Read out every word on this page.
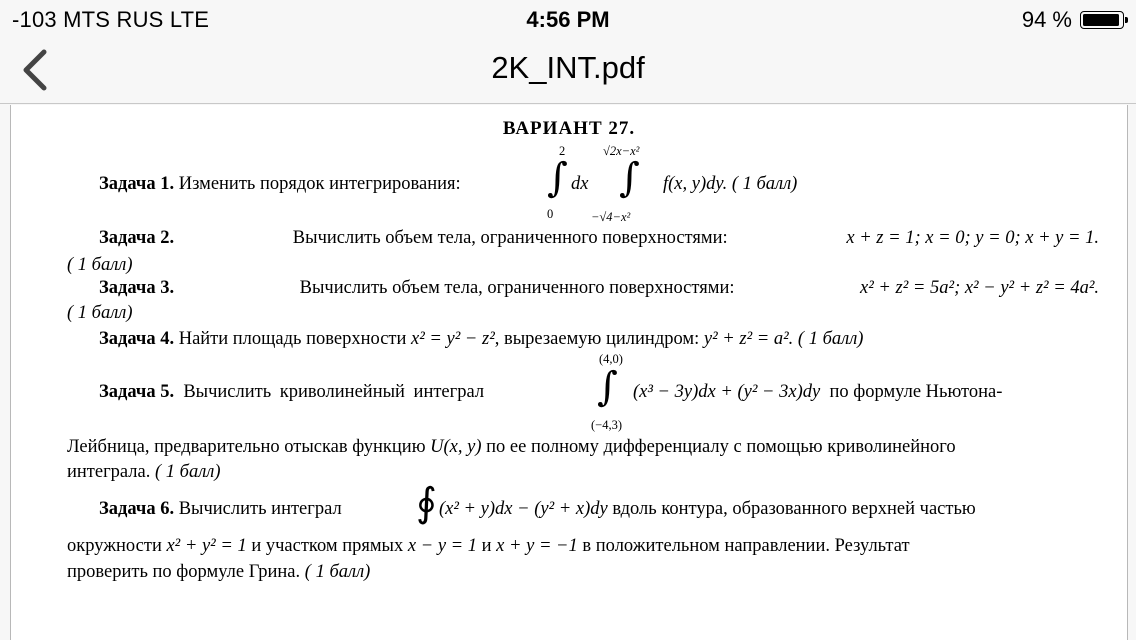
-103 MTS RUS LTE	4:56 PM	94 %
2K_INT.pdf
ВАРИАНТ 27.
Задача 1. Изменить порядок интегрирования:
2
∫
0
dx
√2x−x²
∫
−√4−x²
f(x, y)dy. ( 1 балл)
Задача 2.	Вычислить объем тела, ограниченного поверхностями:	x + z = 1; x = 0; y = 0; x + y = 1.
( 1 балл)
Задача 3.	Вычислить объем тела, ограниченного поверхностями:	x² + z² = 5a²; x² − y² + z² = 4a².
( 1 балл)
Задача 4. Найти площадь поверхности x² = y² − z², вырезаемую цилиндром: y² + z² = a². ( 1 балл)
(4,0)
∫
(−4,3)
Задача 5. Вычислить криволинейный интеграл	(x³ − 3y)dx + (y² − 3x)dy по формуле Ньютона-
Лейбница, предварительно отыскав функцию U(x, y) по ее полному дифференциалу с помощью криволинейного
интеграла. ( 1 балл)
Задача 6. Вычислить интеграл ∮ (x² + y)dx − (y² + x)dy вдоль контура, образованного верхней частью
окружности x² + y² = 1 и участком прямых x − y = 1 и x + y = −1 в положительном направлении. Результат
проверить по формуле Грина. ( 1 балл)
